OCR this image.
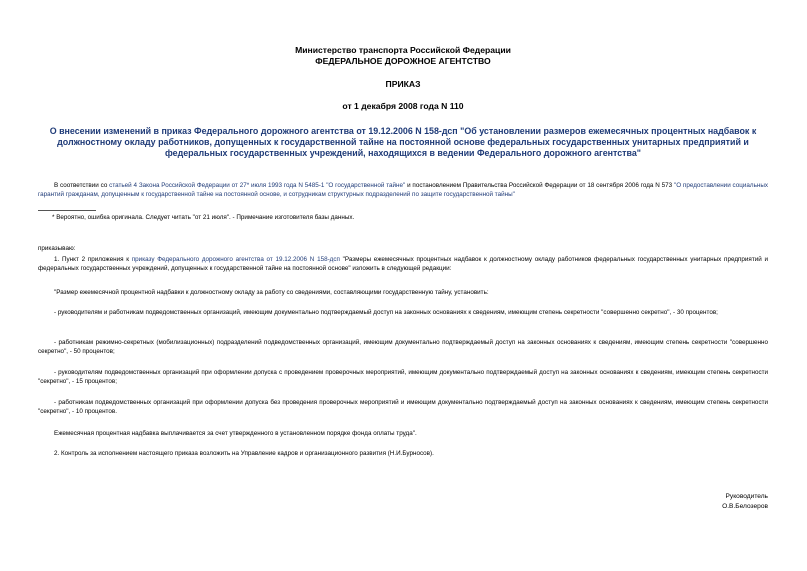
Министерство транспорта Российской Федерации
ФЕДЕРАЛЬНОЕ ДОРОЖНОЕ АГЕНТСТВО
ПРИКАЗ
от 1 декабря 2008 года N 110
О внесении изменений в приказ Федерального дорожного агентства от 19.12.2006 N 158-дсп "Об установлении размеров ежемесячных процентных надбавок к
должностному окладу работников, допущенных к государственной тайне на постоянной основе федеральных государственных унитарных предприятий и
федеральных государственных учреждений, находящихся в ведении Федерального дорожного агентства"
В соответствии со статьей 4 Закона Российской Федерации от 27* июля 1993 года N 5485-1 "О государственной тайне" и постановлением Правительства Российской Федерации от 18 сентября 2006 года N 573 "О предоставлении социальных гарантий гражданам, допущенным к государственной тайне на постоянной основе, и сотрудникам структурных подразделений по защите государственной тайны"
* Вероятно, ошибка оригинала. Следует читать "от 21 июля". - Примечание изготовителя базы данных.
приказываю:
1. Пункт 2 приложения к приказу Федерального дорожного агентства от 19.12.2006 N 158-дсп "Размеры ежемесячных процентных надбавок к должностному окладу работников федеральных государственных унитарных предприятий и федеральных государственных учреждений, допущенных к государственной тайне на постоянной основе" изложить в следующей редакции:
"Размер ежемесячной процентной надбавки к должностному окладу за работу со сведениями, составляющими государственную тайну, установить:
- руководителям и работникам подведомственных организаций, имеющим документально подтверждаемый доступ на законных основаниях к сведениям, имеющим степень секретности "совершенно секретно", - 30 процентов;
- работникам режимно-секретных (мобилизационных) подразделений подведомственных организаций, имеющим документально подтверждаемый доступ на законных основаниях к сведениям, имеющим степень секретности "совершенно секретно", - 50 процентов;
- руководителям подведомственных организаций при оформлении допуска с проведением проверочных мероприятий, имеющим документально подтверждаемый доступ на законных основаниях к сведениям, имеющим степень секретности "секретно", - 15 процентов;
- работникам подведомственных организаций при оформлении допуска без проведения проверочных мероприятий и имеющим документально подтверждаемый доступ на законных основаниях к сведениям, имеющим степень секретности "секретно", - 10 процентов.
Ежемесячная процентная надбавка выплачивается за счет утвержденного в установленном порядке фонда оплаты труда".
2. Контроль за исполнением настоящего приказа возложить на Управление кадров и организационного развития (Н.И.Бурносов).
Руководитель
О.В.Белозеров
